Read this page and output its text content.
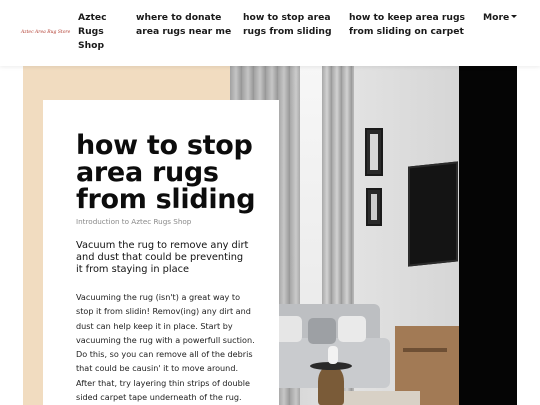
Aztec Area Rug Store
Aztec Rugs Shop
where to donate area rugs near me
how to stop area rugs from sliding
how to keep area rugs from sliding on carpet
More
how to stop area rugs from sliding
Introduction to Aztec Rugs Shop
Vacuum the rug to remove any dirt and dust that could be preventing it from staying in place

Vacuuming the rug (isn't) a great way to stop it from slidin! Remov(ing) any dirt and dust can help keep it in place. Start by vacuuming the rug with a powerfull suction. Do this, so you can remove all of the debris that could be causin' it to move around. After that, try layering thin strips of double sided carpet tape underneath of the rug.
